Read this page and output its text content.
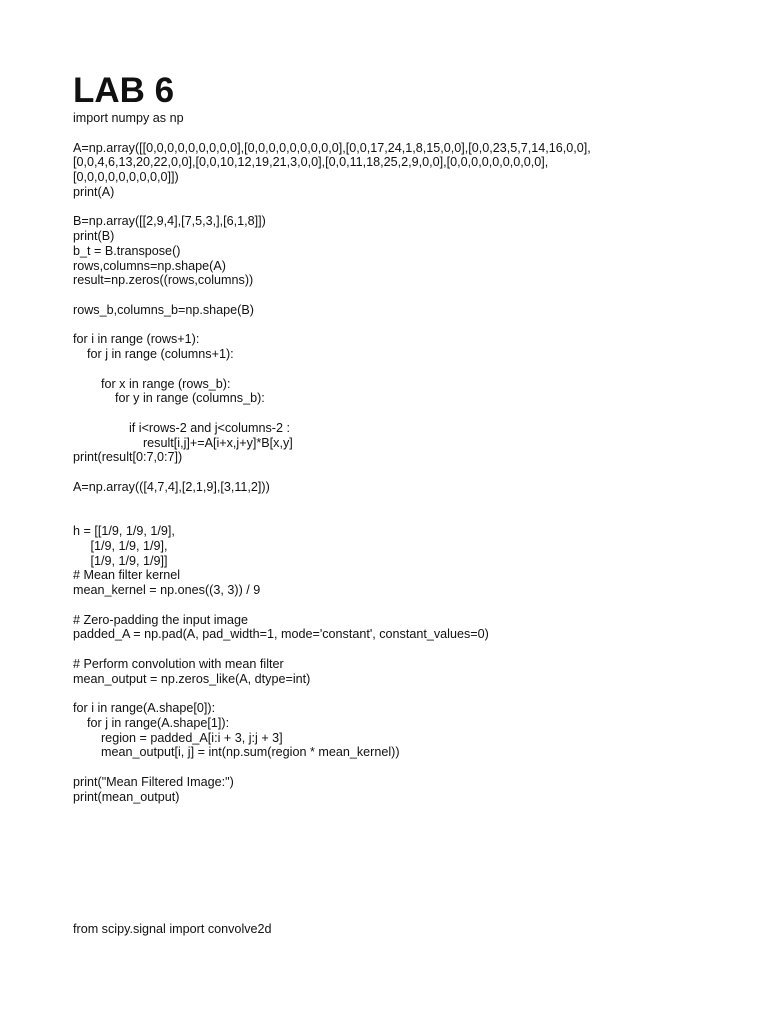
LAB 6
import numpy as np
A=np.array([[0,0,0,0,0,0,0,0,0],[0,0,0,0,0,0,0,0,0],[0,0,17,24,1,8,15,0,0],[0,0,23,5,7,14,16,0,0],
[0,0,4,6,13,20,22,0,0],[0,0,10,12,19,21,3,0,0],[0,0,11,18,25,2,9,0,0],[0,0,0,0,0,0,0,0,0],
[0,0,0,0,0,0,0,0,0]])
print(A)
B=np.array([[2,9,4],[7,5,3,],[6,1,8]])
print(B)
b_t = B.transpose()
rows,columns=np.shape(A)
result=np.zeros((rows,columns))
rows_b,columns_b=np.shape(B)
for i in range (rows+1):
for j in range (columns+1):
for x in range (rows_b):
for y in range (columns_b):
if i<rows-2 and j<columns-2 :
result[i,j]+=A[i+x,j+y]*B[x,y]
print(result[0:7,0:7])
A=np.array(([4,7,4],[2,1,9],[3,11,2]))
h = [[1/9, 1/9, 1/9],
[1/9, 1/9, 1/9],
[1/9, 1/9, 1/9]]
# Mean filter kernel
mean_kernel = np.ones((3, 3)) / 9
# Zero-padding the input image
padded_A = np.pad(A, pad_width=1, mode='constant', constant_values=0)
# Perform convolution with mean filter
mean_output = np.zeros_like(A, dtype=int)
for i in range(A.shape[0]):
for j in range(A.shape[1]):
region = padded_A[i:i + 3, j:j + 3]
mean_output[i, j] = int(np.sum(region * mean_kernel))
print("Mean Filtered Image:")
print(mean_output)
from scipy.signal import convolve2d
